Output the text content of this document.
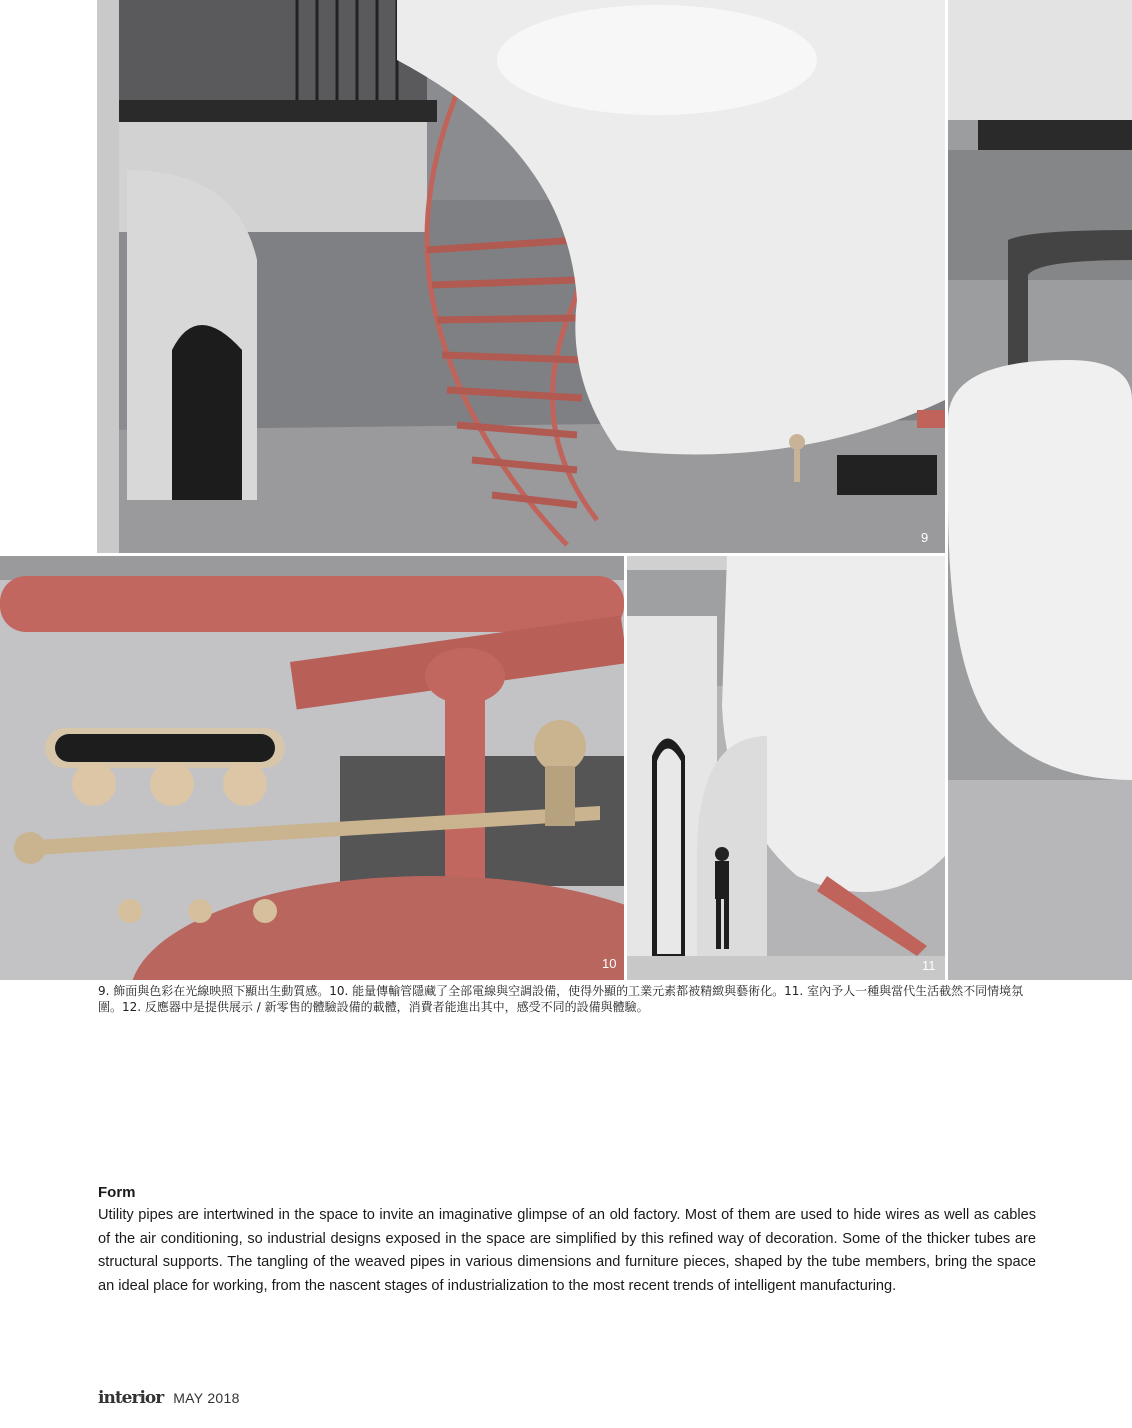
9
10	11
9. 飾面與色彩在光線映照下顯出生動質感。10. 能量傳輸管隱藏了全部電線與空調設備，使得外顯的工業元素都被精緻與藝術化。11. 室內予人一種與當代生活截然不同情境氛圍。12. 反應器中是提供展示 / 新零售的體驗設備的載體，消費者能進出其中，感受不同的設備與體驗。
Form
Utility pipes are intertwined in the space to invite an imaginative glimpse of an old factory. Most of them are used to hide wires as well as cables of the air conditioning, so industrial designs exposed in the space are simplified by this refined way of decoration. Some of the thicker tubes are structural supports. The tangling of the weaved pipes in various dimensions and furniture pieces, shaped by the tube members, bring the space an ideal place for working, from the nascent stages of industrialization to the most recent trends of intelligent manufacturing.
interior MAY 2018
